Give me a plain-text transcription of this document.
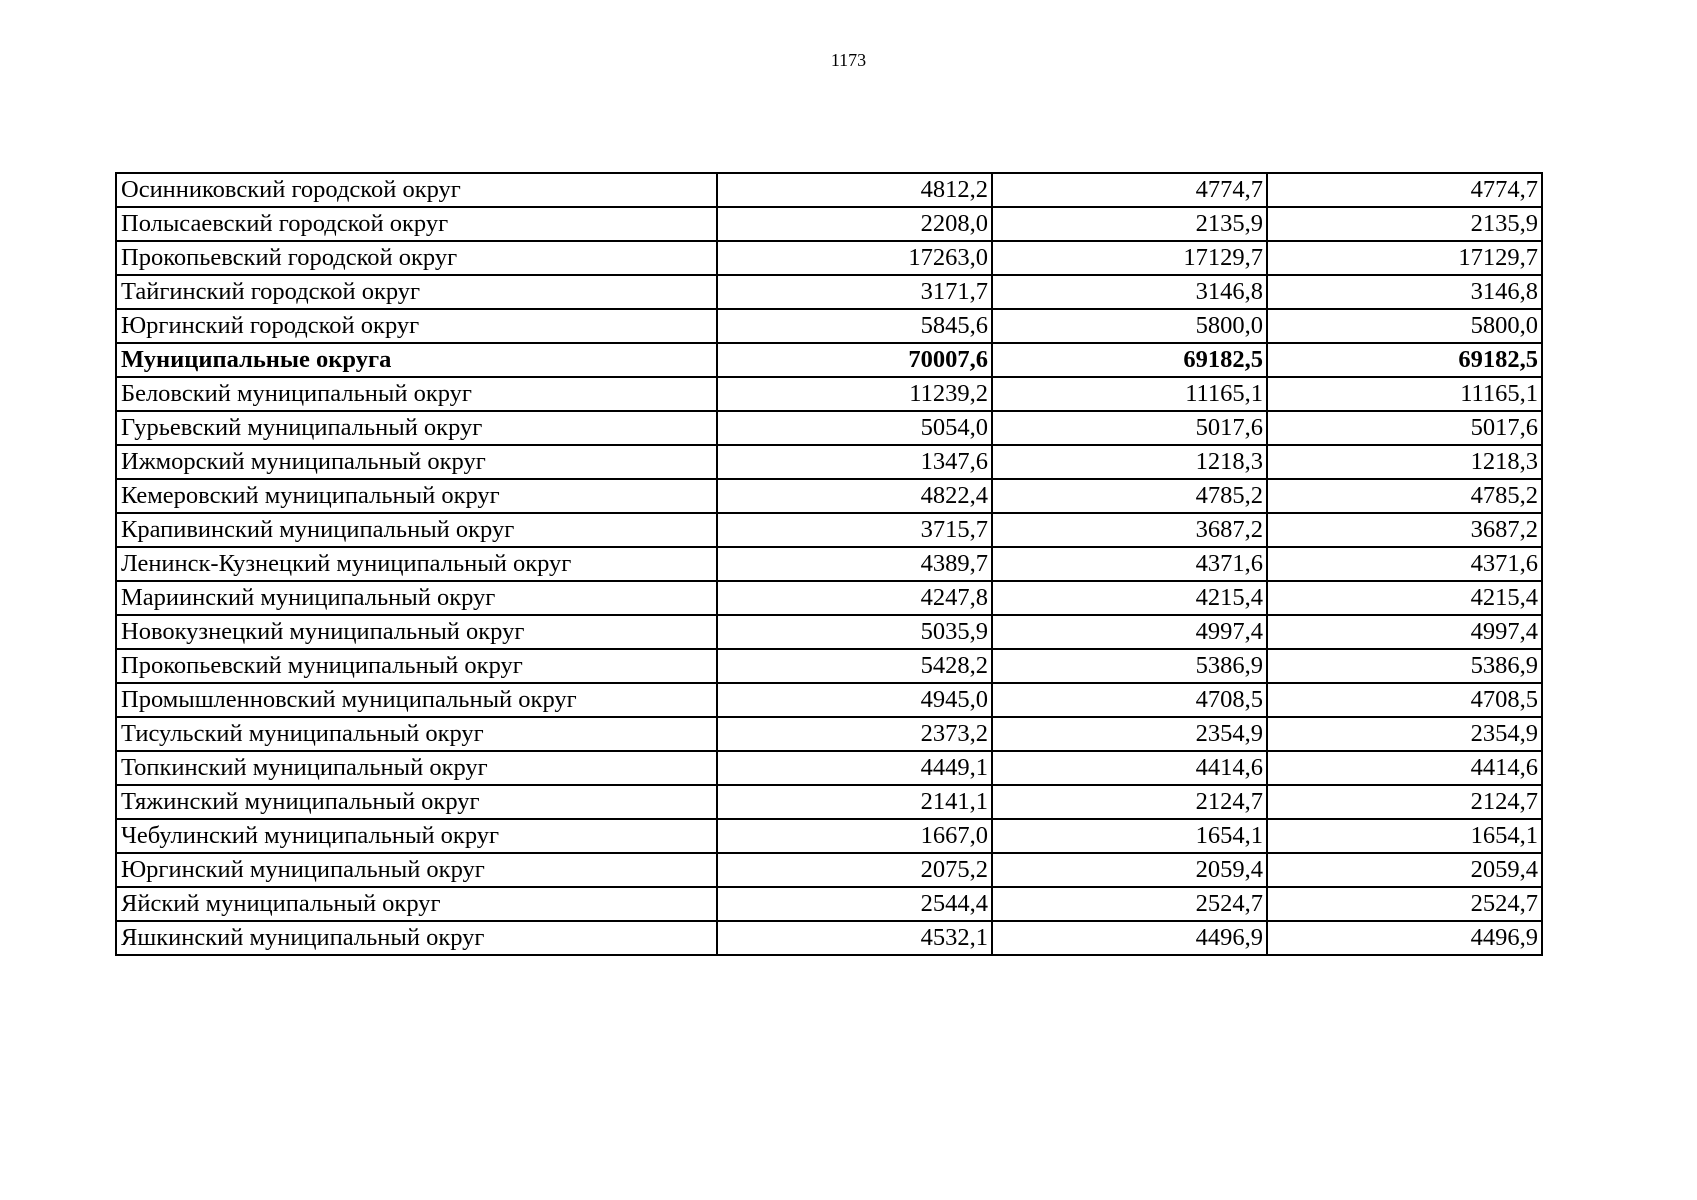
1173
Осинниковский городской округ	4812,2	4774,7	4774,7
Полысаевский городской округ	2208,0	2135,9	2135,9
Прокопьевский городской округ	17263,0	17129,7	17129,7
Тайгинский городской округ	3171,7	3146,8	3146,8
Юргинский городской округ	5845,6	5800,0	5800,0
Муниципальные округа	70007,6	69182,5	69182,5
Беловский муниципальный округ	11239,2	11165,1	11165,1
Гурьевский муниципальный округ	5054,0	5017,6	5017,6
Ижморский муниципальный округ	1347,6	1218,3	1218,3
Кемеровский муниципальный округ	4822,4	4785,2	4785,2
Крапивинский муниципальный округ	3715,7	3687,2	3687,2
Ленинск-Кузнецкий муниципальный округ	4389,7	4371,6	4371,6
Мариинский муниципальный округ	4247,8	4215,4	4215,4
Новокузнецкий муниципальный округ	5035,9	4997,4	4997,4
Прокопьевский муниципальный округ	5428,2	5386,9	5386,9
Промышленновский муниципальный округ	4945,0	4708,5	4708,5
Тисульский муниципальный округ	2373,2	2354,9	2354,9
Топкинский муниципальный округ	4449,1	4414,6	4414,6
Тяжинский муниципальный округ	2141,1	2124,7	2124,7
Чебулинский муниципальный округ	1667,0	1654,1	1654,1
Юргинский муниципальный округ	2075,2	2059,4	2059,4
Яйский муниципальный округ	2544,4	2524,7	2524,7
Яшкинский муниципальный округ	4532,1	4496,9	4496,9
